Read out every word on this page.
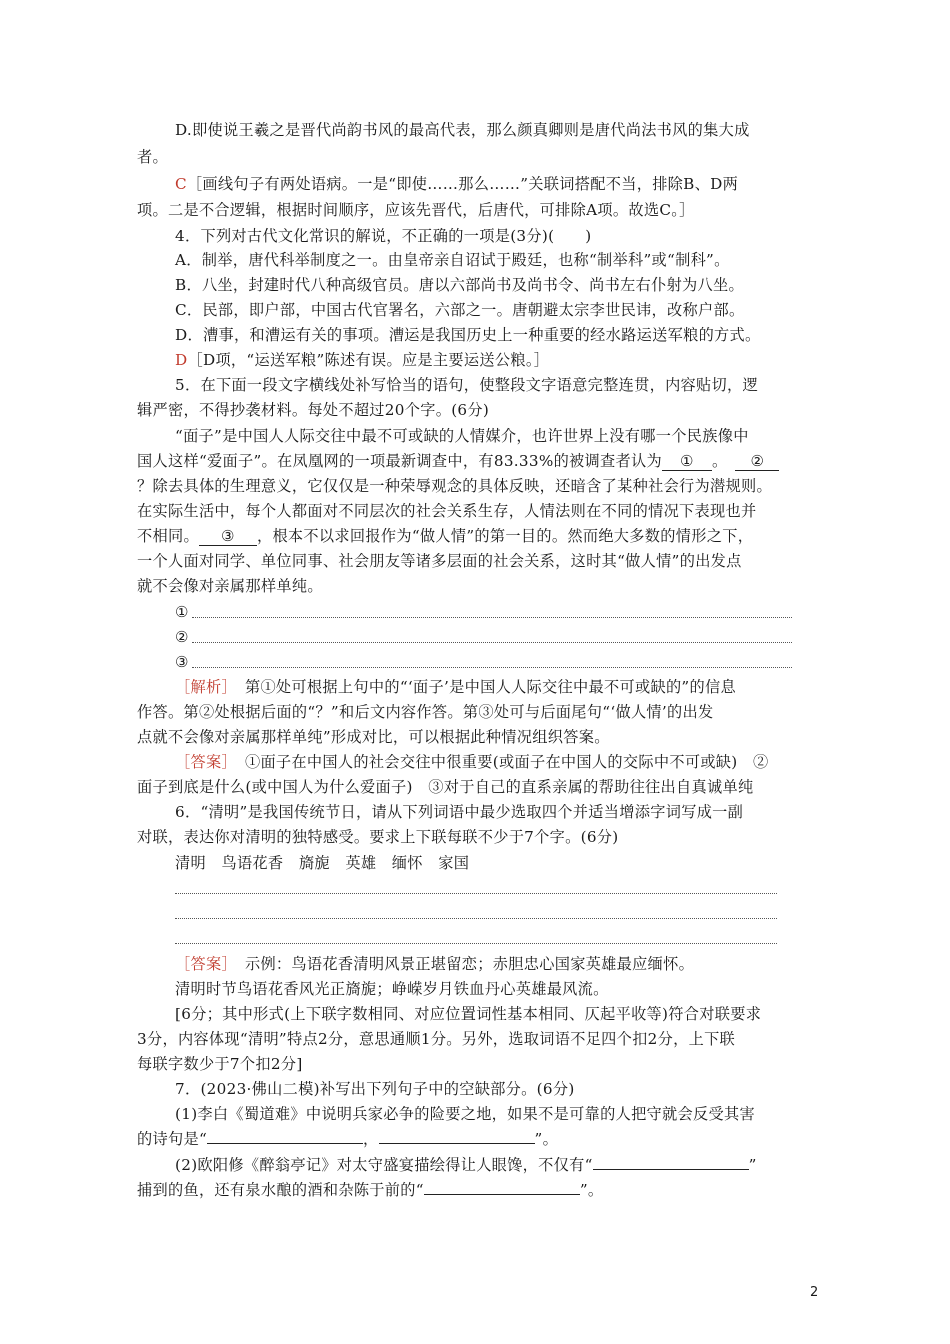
D.即使说王羲之是晋代尚韵书风的最高代表，那么颜真卿则是唐代尚法书风的集大成
者。
C［画线句子有两处语病。一是“即使……那么……”关联词搭配不当，排除B、D两
项。二是不合逻辑，根据时间顺序，应该先晋代，后唐代，可排除A项。故选C。］
4．下列对古代文化常识的解说，不正确的一项是(3分)(　　)
A．制举，唐代科举制度之一。由皇帝亲自诏试于殿廷，也称“制举科”或“制科”。
B．八坐，封建时代八种高级官员。唐以六部尚书及尚书令、尚书左右仆射为八坐。
C．民部，即户部，中国古代官署名，六部之一。唐朝避太宗李世民讳，改称户部。
D．漕事，和漕运有关的事项。漕运是我国历史上一种重要的经水路运送军粮的方式。
D［D项，“运送军粮”陈述有误。应是主要运送公粮。］
5．在下面一段文字横线处补写恰当的语句，使整段文字语意完整连贯，内容贴切，逻
辑严密，不得抄袭材料。每处不超过20个字。(6分)
“面子”是中国人人际交往中最不可或缺的人情媒介，也许世界上没有哪一个民族像中
国人这样“爱面子”。在凤凰网的一项最新调查中，有83.33%的被调查者认为 ① 。 ②
？除去具体的生理意义，它仅仅是一种荣辱观念的具体反映，还暗含了某种社会行为潜规则。
在实际生活中，每个人都面对不同层次的社会关系生存，人情法则在不同的情况下表现也并
不相同。 ③ ，根本不以求回报作为“做人情”的第一目的。然而绝大多数的情形之下，
一个人面对同学、单位同事、社会朋友等诸多层面的社会关系，这时其“做人情”的出发点
就不会像对亲属那样单纯。
①
②
③
［解析］ 第①处可根据上句中的“‘面子’是中国人人际交往中最不可或缺的”的信息
作答。第②处根据后面的“？”和后文内容作答。第③处可与后面尾句“‘做人情’的出发
点就不会像对亲属那样单纯”形成对比，可以根据此种情况组织答案。
［答案］ ①面子在中国人的社会交往中很重要(或面子在中国人的交际中不可或缺)　②
面子到底是什么(或中国人为什么爱面子)　③对于自己的直系亲属的帮助往往出自真诚单纯
6．“清明”是我国传统节日，请从下列词语中最少选取四个并适当增添字词写成一副
对联，表达你对清明的独特感受。要求上下联每联不少于7个字。(6分)
清明　鸟语花香　旖旎　英雄　缅怀　家国
［答案］ 示例：鸟语花香清明风景正堪留恋；赤胆忠心国家英雄最应缅怀。
清明时节鸟语花香风光正旖旎；峥嵘岁月铁血丹心英雄最风流。
[6分；其中形式(上下联字数相同、对应位置词性基本相同、仄起平收等)符合对联要求
3分，内容体现“清明”特点2分，意思通顺1分。另外，选取词语不足四个扣2分，上下联
每联字数少于7个扣2分]
7．(2023·佛山二模)补写出下列句子中的空缺部分。(6分)
(1)李白《蜀道难》中说明兵家必争的险要之地，如果不是可靠的人把守就会反受其害
的诗句是“	，	”。
(2)欧阳修《醉翁亭记》对太守盛宴描绘得让人眼馋，不仅有“	”
捕到的鱼，还有泉水酿的酒和杂陈于前的“	”。
2
